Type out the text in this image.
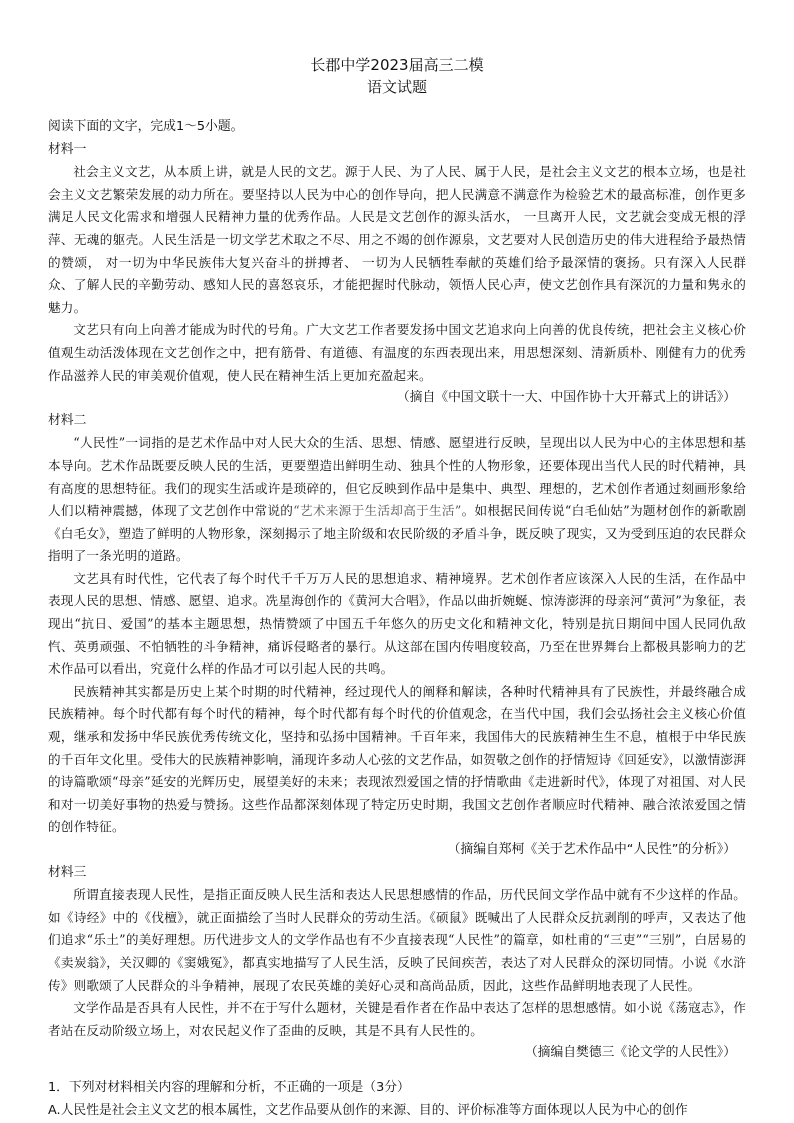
长郡中学2023届高三二模

语文试题

阅读下面的文字，完成1～5小题。

材料一

社会主义文艺，从本质上讲，就是人民的文艺。源于人民、为了人民、属于人民，是社会主义文艺的根本立场，也是社会主义文艺繁荣发展的动力所在。要坚持以人民为中心的创作导向，把人民满意不满意作为检验艺术的最高标准，创作更多满足人民文化需求和增强人民精神力量的优秀作品。人民是文艺创作的源头活水， 一旦离开人民，文艺就会变成无根的浮萍、无魂的躯壳。人民生活是一切文学艺术取之不尽、用之不竭的创作源泉，文艺要对人民创造历史的伟大进程给予最热情的赞颂， 对一切为中华民族伟大复兴奋斗的拼搏者、 一切为人民牺牲奉献的英雄们给予最深情的褒扬。只有深入人民群众、了解人民的辛勤劳动、感知人民的喜怒哀乐，才能把握时代脉动，领悟人民心声，使文艺创作具有深沉的力量和隽永的魅力。

文艺只有向上向善才能成为时代的号角。广大文艺工作者要发扬中国文艺追求向上向善的优良传统，把社会主义核心价值观生动活泼体现在文艺创作之中，把有筋骨、有道德、有温度的东西表现出来，用思想深刻、清新质朴、刚健有力的优秀作品滋养人民的审美观价值观，使人民在精神生活上更加充盈起来。

（摘自《中国文联十一大、中国作协十大开幕式上的讲话》）

材料二

“人民性”一词指的是艺术作品中对人民大众的生活、思想、情感、愿望进行反映，呈现出以人民为中心的主体思想和基本导向。艺术作品既要反映人民的生活，更要塑造出鲜明生动、独具个性的人物形象，还要体现出当代人民的时代精神，具有高度的思想特征。我们的现实生活或许是琐碎的，但它反映到作品中是集中、典型、理想的，艺术创作者通过刻画形象给人们以精神震撼，体现了文艺创作中常说的“艺术来源于生活却高于生活”。如根据民间传说“白毛仙姑”为题材创作的新歌剧《白毛女》，塑造了鲜明的人物形象，深刻揭示了地主阶级和农民阶级的矛盾斗争，既反映了现实，又为受到压迫的农民群众指明了一条光明的道路。

文艺具有时代性，它代表了每个时代千千万万人民的思想追求、精神境界。艺术创作者应该深入人民的生活，在作品中表现人民的思想、情感、愿望、追求。冼星海创作的《黄河大合唱》，作品以曲折婉蜒、惊涛澎湃的母亲河“黄河”为象征，表现出“抗日、爱国”的基本主题思想，热情赞颂了中国五千年悠久的历史文化和精神文化，特别是抗日期间中国人民同仇敌忾、英勇顽强、不怕牺牲的斗争精神，痛诉侵略者的暴行。从这部在国内传唱度较高，乃至在世界舞台上都极具影响力的艺术作品可以看出，究竟什么样的作品才可以引起人民的共鸣。

民族精神其实都是历史上某个时期的时代精神，经过现代人的阐释和解读，各种时代精神具有了民族性，并最终融合成民族精神。每个时代都有每个时代的精神，每个时代都有每个时代的价值观念，在当代中国，我们会弘扬社会主义核心价值观，继承和发扬中华民族优秀传统文化，坚持和弘扬中国精神。千百年来，我国伟大的民族精神生生不息，植根于中华民族的千百年文化里。受伟大的民族精神影响，涌现许多动人心弦的文艺作品，如贺敬之创作的抒情短诗《回延安》，以激情澎湃的诗篇歌颂“母亲”延安的光辉历史，展望美好的未来；表现浓烈爱国之情的抒情歌曲《走进新时代》，体现了对祖国、对人民和对一切美好事物的热爱与赞扬。这些作品都深刻体现了特定历史时期，我国文艺创作者顺应时代精神、融合浓浓爱国之情的创作特征。

（摘编自郑柯《关于艺术作品中“人民性”的分析》）

材料三

所谓直接表现人民性，是指正面反映人民生活和表达人民思想感情的作品，历代民间文学作品中就有不少这样的作品。如《诗经》中的《伐檀》，就正面描绘了当时人民群众的劳动生活。《硕鼠》既喊出了人民群众反抗剥削的呼声，又表达了他们追求“乐土”的美好理想。历代进步文人的文学作品也有不少直接表现“人民性”的篇章，如杜甫的“三吏”“三别”，白居易的《卖炭翁》，关汉卿的《窦娥冤》，都真实地描写了人民生活，反映了民间疾苦，表达了对人民群众的深切同情。小说《水浒传》则歌颂了人民群众的斗争精神，展现了农民英雄的美好心灵和高尚品质，因此，这些作品鲜明地表现了人民性。

文学作品是否具有人民性，并不在于写什么题材，关键是看作者在作品中表达了怎样的思想感情。如小说《荡寇志》，作者站在反动阶级立场上，对农民起义作了歪曲的反映，其是不具有人民性的。

（摘编自樊德三《论文学的人民性》）

1．下列对材料相关内容的理解和分析，不正确的一项是（3分）

A.人民性是社会主义文艺的根本属性，文艺作品要从创作的来源、目的、评价标准等方面体现以人民为中心的创作
